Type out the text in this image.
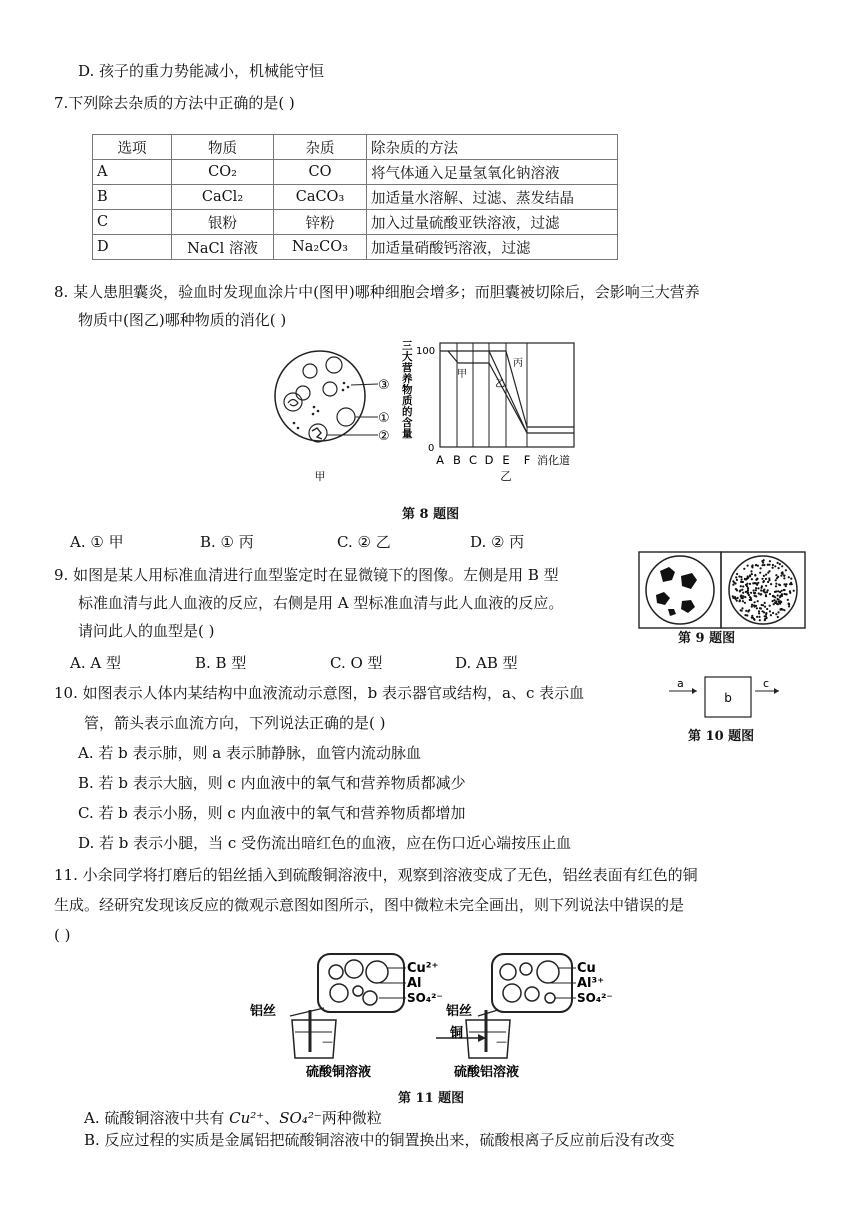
D. 孩子的重力势能减小，机械能守恒
7.下列除去杂质的方法中正确的是( )
选项	物质	杂质	除杂质的方法
A	CO₂	CO	将气体通入足量氢氧化钠溶液
B	CaCl₂	CaCO₃	加适量水溶解、过滤、蒸发结晶
C	银粉	锌粉	加入过量硫酸亚铁溶液，过滤
D	NaCl 溶液	Na₂CO₃	加适量硝酸钙溶液，过滤
8. 某人患胆囊炎，验血时发现血涂片中(图甲)哪种细胞会增多；而胆囊被切除后，会影响三大营养
物质中(图乙)哪种物质的消化( )
③
①
②
甲
三大营养物质的含量
100
0
甲
乙
丙
A B C D E F 消化道
乙
第 8 题图
A. ① 甲	B. ① 丙	C. ② 乙	D. ② 丙
9. 如图是某人用标准血清进行血型鉴定时在显微镜下的图像。左侧是用 B 型
标准血清与此人血液的反应，右侧是用 A 型标准血清与此人血液的反应。
请问此人的血型是( )	第 9 题图
A. A 型	B. B 型	C. O 型	D. AB 型
10. 如图表示人体内某结构中血液流动示意图，b 表示器官或结构，a、c 表示血
管，箭头表示血流方向，下列说法正确的是( )
a
b
c
第 10 题图
A. 若 b 表示肺，则 a 表示肺静脉，血管内流动脉血
B. 若 b 表示大脑，则 c 内血液中的氧气和营养物质都减少
C. 若 b 表示小肠，则 c 内血液中的氧气和营养物质都增加
D. 若 b 表示小腿，当 c 受伤流出暗红色的血液，应在伤口近心端按压止血
11. 小余同学将打磨后的铝丝插入到硫酸铜溶液中，观察到溶液变成了无色，铝丝表面有红色的铜
生成。经研究发现该反应的微观示意图如图所示，图中微粒未完全画出，则下列说法中错误的是
( )
Cu²⁺
Al
SO₄²⁻
—
铝丝
硫酸铜溶液
Cu
Al³⁺
SO₄²⁻
—
铝丝
铜
硫酸铝溶液
第 11 题图
A. 硫酸铜溶液中共有 Cu²⁺、SO₄²⁻两种微粒
B. 反应过程的实质是金属铝把硫酸铜溶液中的铜置换出来，硫酸根离子反应前后没有改变
